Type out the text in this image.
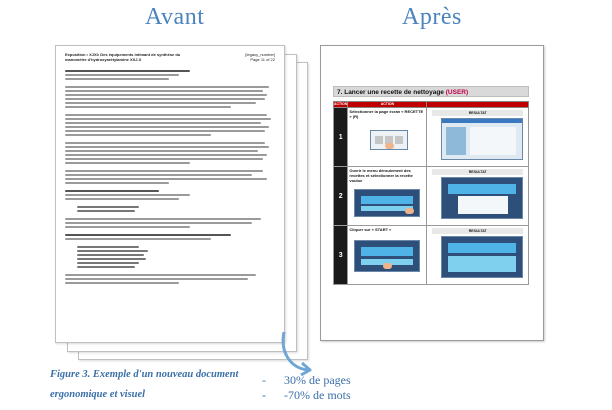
Avant	Après
Exposition • XJXI• Des équipements intimant de synthèse du manomètre d'hydroxyarétylamine XXJ.X
[legacy_number]
Page 11 of 22
7. Lancer une recette de nettoyage (USER)
ACTION	ACTION	
1	Sélectionner la page écran « RECETTE » (R)	RESULTAT

2	Ouvrir le menu déroulement des recettes et sélectionner la recette voulue	RESULTAT

3	Cliquer sur « START »	RESULTAT
Figure 3. Exemple d'un nouveau document ergonomique et visuel
-	30% de pages
-	-70% de mots
